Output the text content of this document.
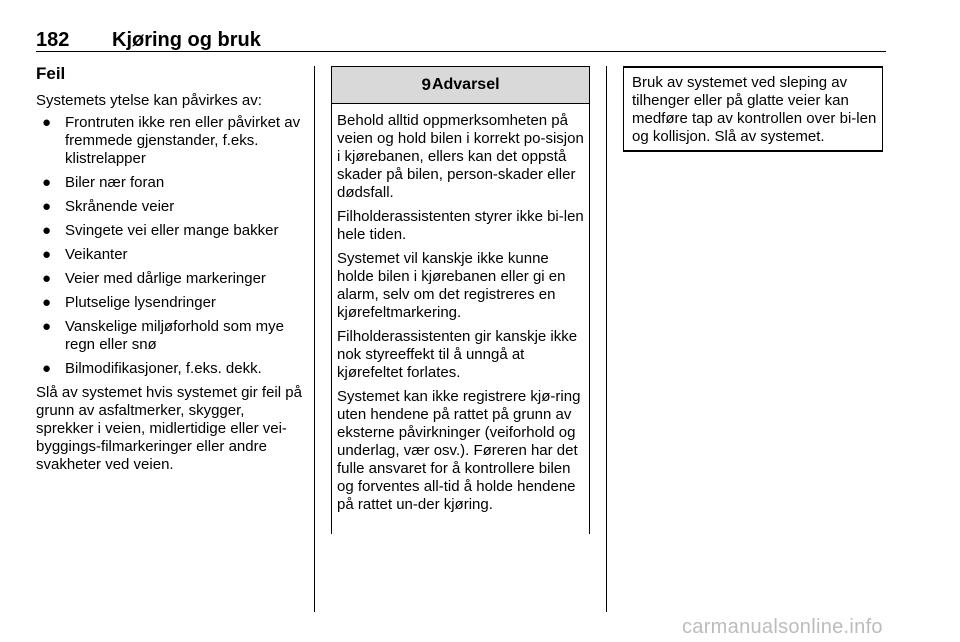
182 Kjøring og bruk
Feil

Systemets ytelse kan påvirkes av:

● Frontruten ikke ren eller påvirket av fremmede gjenstander, f.eks. klistrelapper
● Biler nær foran
● Skrånende veier
● Svingete vei eller mange bakker
● Veikanter
● Veier med dårlige markeringer
● Plutselige lysendringer
● Vanskelige miljøforhold som mye regn eller snø
● Bilmodifikasjoner, f.eks. dekk.

Slå av systemet hvis systemet gir feil på grunn av asfaltmerker, skygger, sprekker i veien, midlertidige eller vei-byggings-filmarkeringer eller andre svakheter ved veien.

9 Advarsel

Behold alltid oppmerksomheten på veien og hold bilen i korrekt po-sisjon i kjørebanen, ellers kan det oppstå skader på bilen, person-skader eller dødsfall.

Filholderassistenten styrer ikke bi-len hele tiden.

Systemet vil kanskje ikke kunne holde bilen i kjørebanen eller gi en alarm, selv om det registreres en kjørefeltmarkering.

Filholderassistenten gir kanskje ikke nok styreeffekt til å unngå at kjørefeltet forlates.

Systemet kan ikke registrere kjø-ring uten hendene på rattet på grunn av eksterne påvirkninger (veiforhold og underlag, vær osv.). Føreren har det fulle ansvaret for å kontrollere bilen og forventes all-tid å holde hendene på rattet un-der kjøring.

Bruk av systemet ved sleping av tilhenger eller på glatte veier kan medføre tap av kontrollen over bi-len og kollisjon. Slå av systemet.

carmanualsonline.info
